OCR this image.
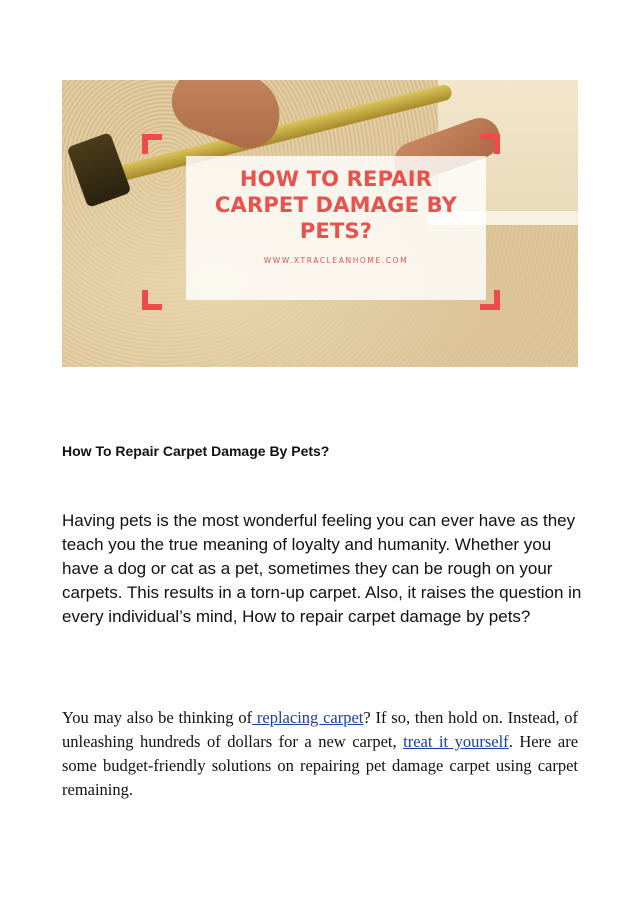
HOW TO REPAIR
CARPET DAMAGE BY
PETS?
WWW.XTRACLEANHOME.COM
How To Repair Carpet Damage By Pets?

Having pets is the most wonderful feeling you can ever have as they teach you the true meaning of loyalty and humanity. Whether you have a dog or cat as a pet, sometimes they can be rough on your carpets. This results in a torn-up carpet. Also, it raises the question in every individual’s mind, How to repair carpet damage by pets?

You may also be thinking of replacing carpet? If so, then hold on. Instead, of unleashing hundreds of dollars for a new carpet, treat it yourself. Here are some budget-friendly solutions on repairing pet damage carpet using carpet remaining.
